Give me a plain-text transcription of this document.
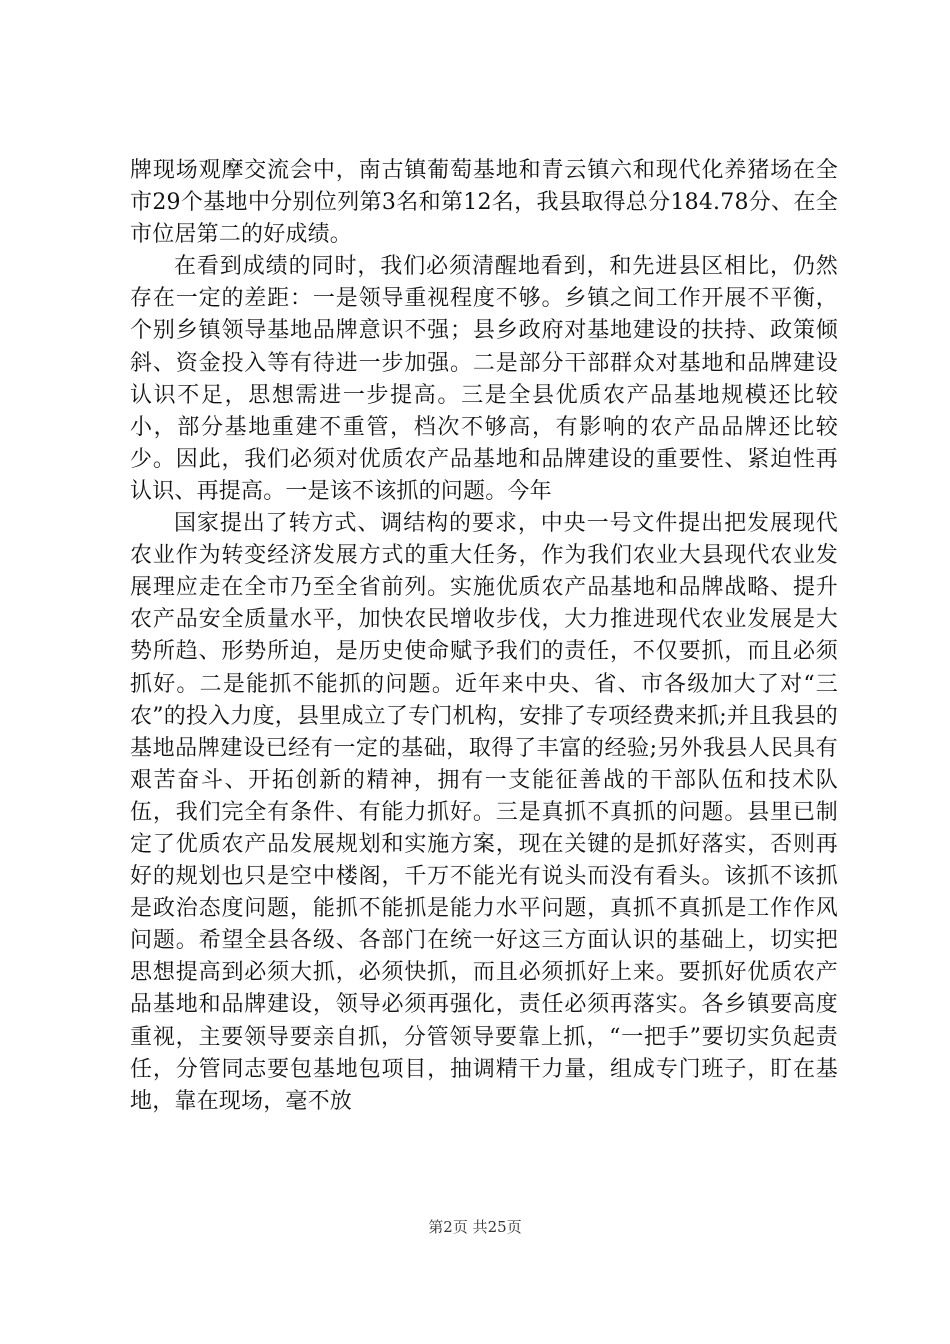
牌现场观摩交流会中，南古镇葡萄基地和青云镇六和现代化养猪场在全市29个基地中分别位列第3名和第12名，我县取得总分184.78分、在全市位居第二的好成绩。

在看到成绩的同时，我们必须清醒地看到，和先进县区相比，仍然存在一定的差距：一是领导重视程度不够。乡镇之间工作开展不平衡，个别乡镇领导基地品牌意识不强；县乡政府对基地建设的扶持、政策倾斜、资金投入等有待进一步加强。二是部分干部群众对基地和品牌建设认识不足，思想需进一步提高。三是全县优质农产品基地规模还比较小，部分基地重建不重管，档次不够高，有影响的农产品品牌还比较少。因此，我们必须对优质农产品基地和品牌建设的重要性、紧迫性再认识、再提高。一是该不该抓的问题。今年

国家提出了转方式、调结构的要求，中央一号文件提出把发展现代农业作为转变经济发展方式的重大任务，作为我们农业大县现代农业发展理应走在全市乃至全省前列。实施优质农产品基地和品牌战略、提升农产品安全质量水平，加快农民增收步伐，大力推进现代农业发展是大势所趋、形势所迫，是历史使命赋予我们的责任，不仅要抓，而且必须抓好。二是能抓不能抓的问题。近年来中央、省、市各级加大了对“三农”的投入力度，县里成立了专门机构，安排了专项经费来抓;并且我县的基地品牌建设已经有一定的基础，取得了丰富的经验;另外我县人民具有艰苦奋斗、开拓创新的精神，拥有一支能征善战的干部队伍和技术队伍，我们完全有条件、有能力抓好。三是真抓不真抓的问题。县里已制定了优质农产品发展规划和实施方案，现在关键的是抓好落实，否则再好的规划也只是空中楼阁，千万不能光有说头而没有看头。该抓不该抓是政治态度问题，能抓不能抓是能力水平问题，真抓不真抓是工作作风问题。希望全县各级、各部门在统一好这三方面认识的基础上，切实把思想提高到必须大抓，必须快抓，而且必须抓好上来。要抓好优质农产品基地和品牌建设，领导必须再强化，责任必须再落实。各乡镇要高度重视，主要领导要亲自抓，分管领导要靠上抓，“一把手”要切实负起责任，分管同志要包基地包项目，抽调精干力量，组成专门班子，盯在基地，靠在现场，毫不放

第2页 共25页
